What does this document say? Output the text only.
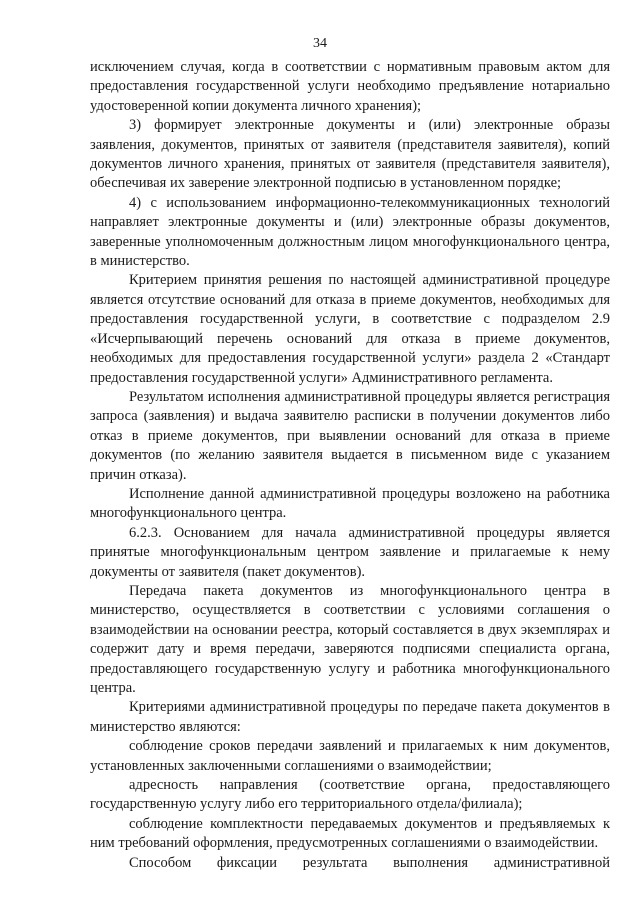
34

исключением случая, когда в соответствии с нормативным правовым актом для предоставления государственной услуги необходимо предъявление нотариально удостоверенной копии документа личного хранения);

3) формирует электронные документы и (или) электронные образы заявления, документов, принятых от заявителя (представителя заявителя), копий документов личного хранения, принятых от заявителя (представителя заявителя), обеспечивая их заверение электронной подписью в установленном порядке;

4) с использованием информационно-телекоммуникационных технологий направляет электронные документы и (или) электронные образы документов, заверенные уполномоченным должностным лицом многофункционального центра, в министерство.

Критерием принятия решения по настоящей административной процедуре является отсутствие оснований для отказа в приеме документов, необходимых для предоставления государственной услуги, в соответствие с подразделом 2.9 «Исчерпывающий перечень оснований для отказа в приеме документов, необходимых для предоставления государственной услуги» раздела 2 «Стандарт предоставления государственной услуги» Административного регламента.

Результатом исполнения административной процедуры является регистрация запроса (заявления) и выдача заявителю расписки в получении документов либо отказ в приеме документов, при выявлении оснований для отказа в приеме документов (по желанию заявителя выдается в письменном виде с указанием причин отказа).

Исполнение данной административной процедуры возложено на работника многофункционального центра.

6.2.3. Основанием для начала административной процедуры является принятые многофункциональным центром заявление и прилагаемые к нему документы от заявителя (пакет документов).

Передача пакета документов из многофункционального центра в министерство, осуществляется в соответствии с условиями соглашения о взаимодействии на основании реестра, который составляется в двух экземплярах и содержит дату и время передачи, заверяются подписями специалиста органа, предоставляющего государственную услугу и работника многофункционального центра.

Критериями административной процедуры по передаче пакета документов в министерство являются:

соблюдение сроков передачи заявлений и прилагаемых к ним документов, установленных заключенными соглашениями о взаимодействии;

адресность направления (соответствие органа, предоставляющего государственную услугу либо его территориального отдела/филиала);

соблюдение комплектности передаваемых документов и предъявляемых к ним требований оформления, предусмотренных соглашениями о взаимодействии.

Способом фиксации результата выполнения административной
